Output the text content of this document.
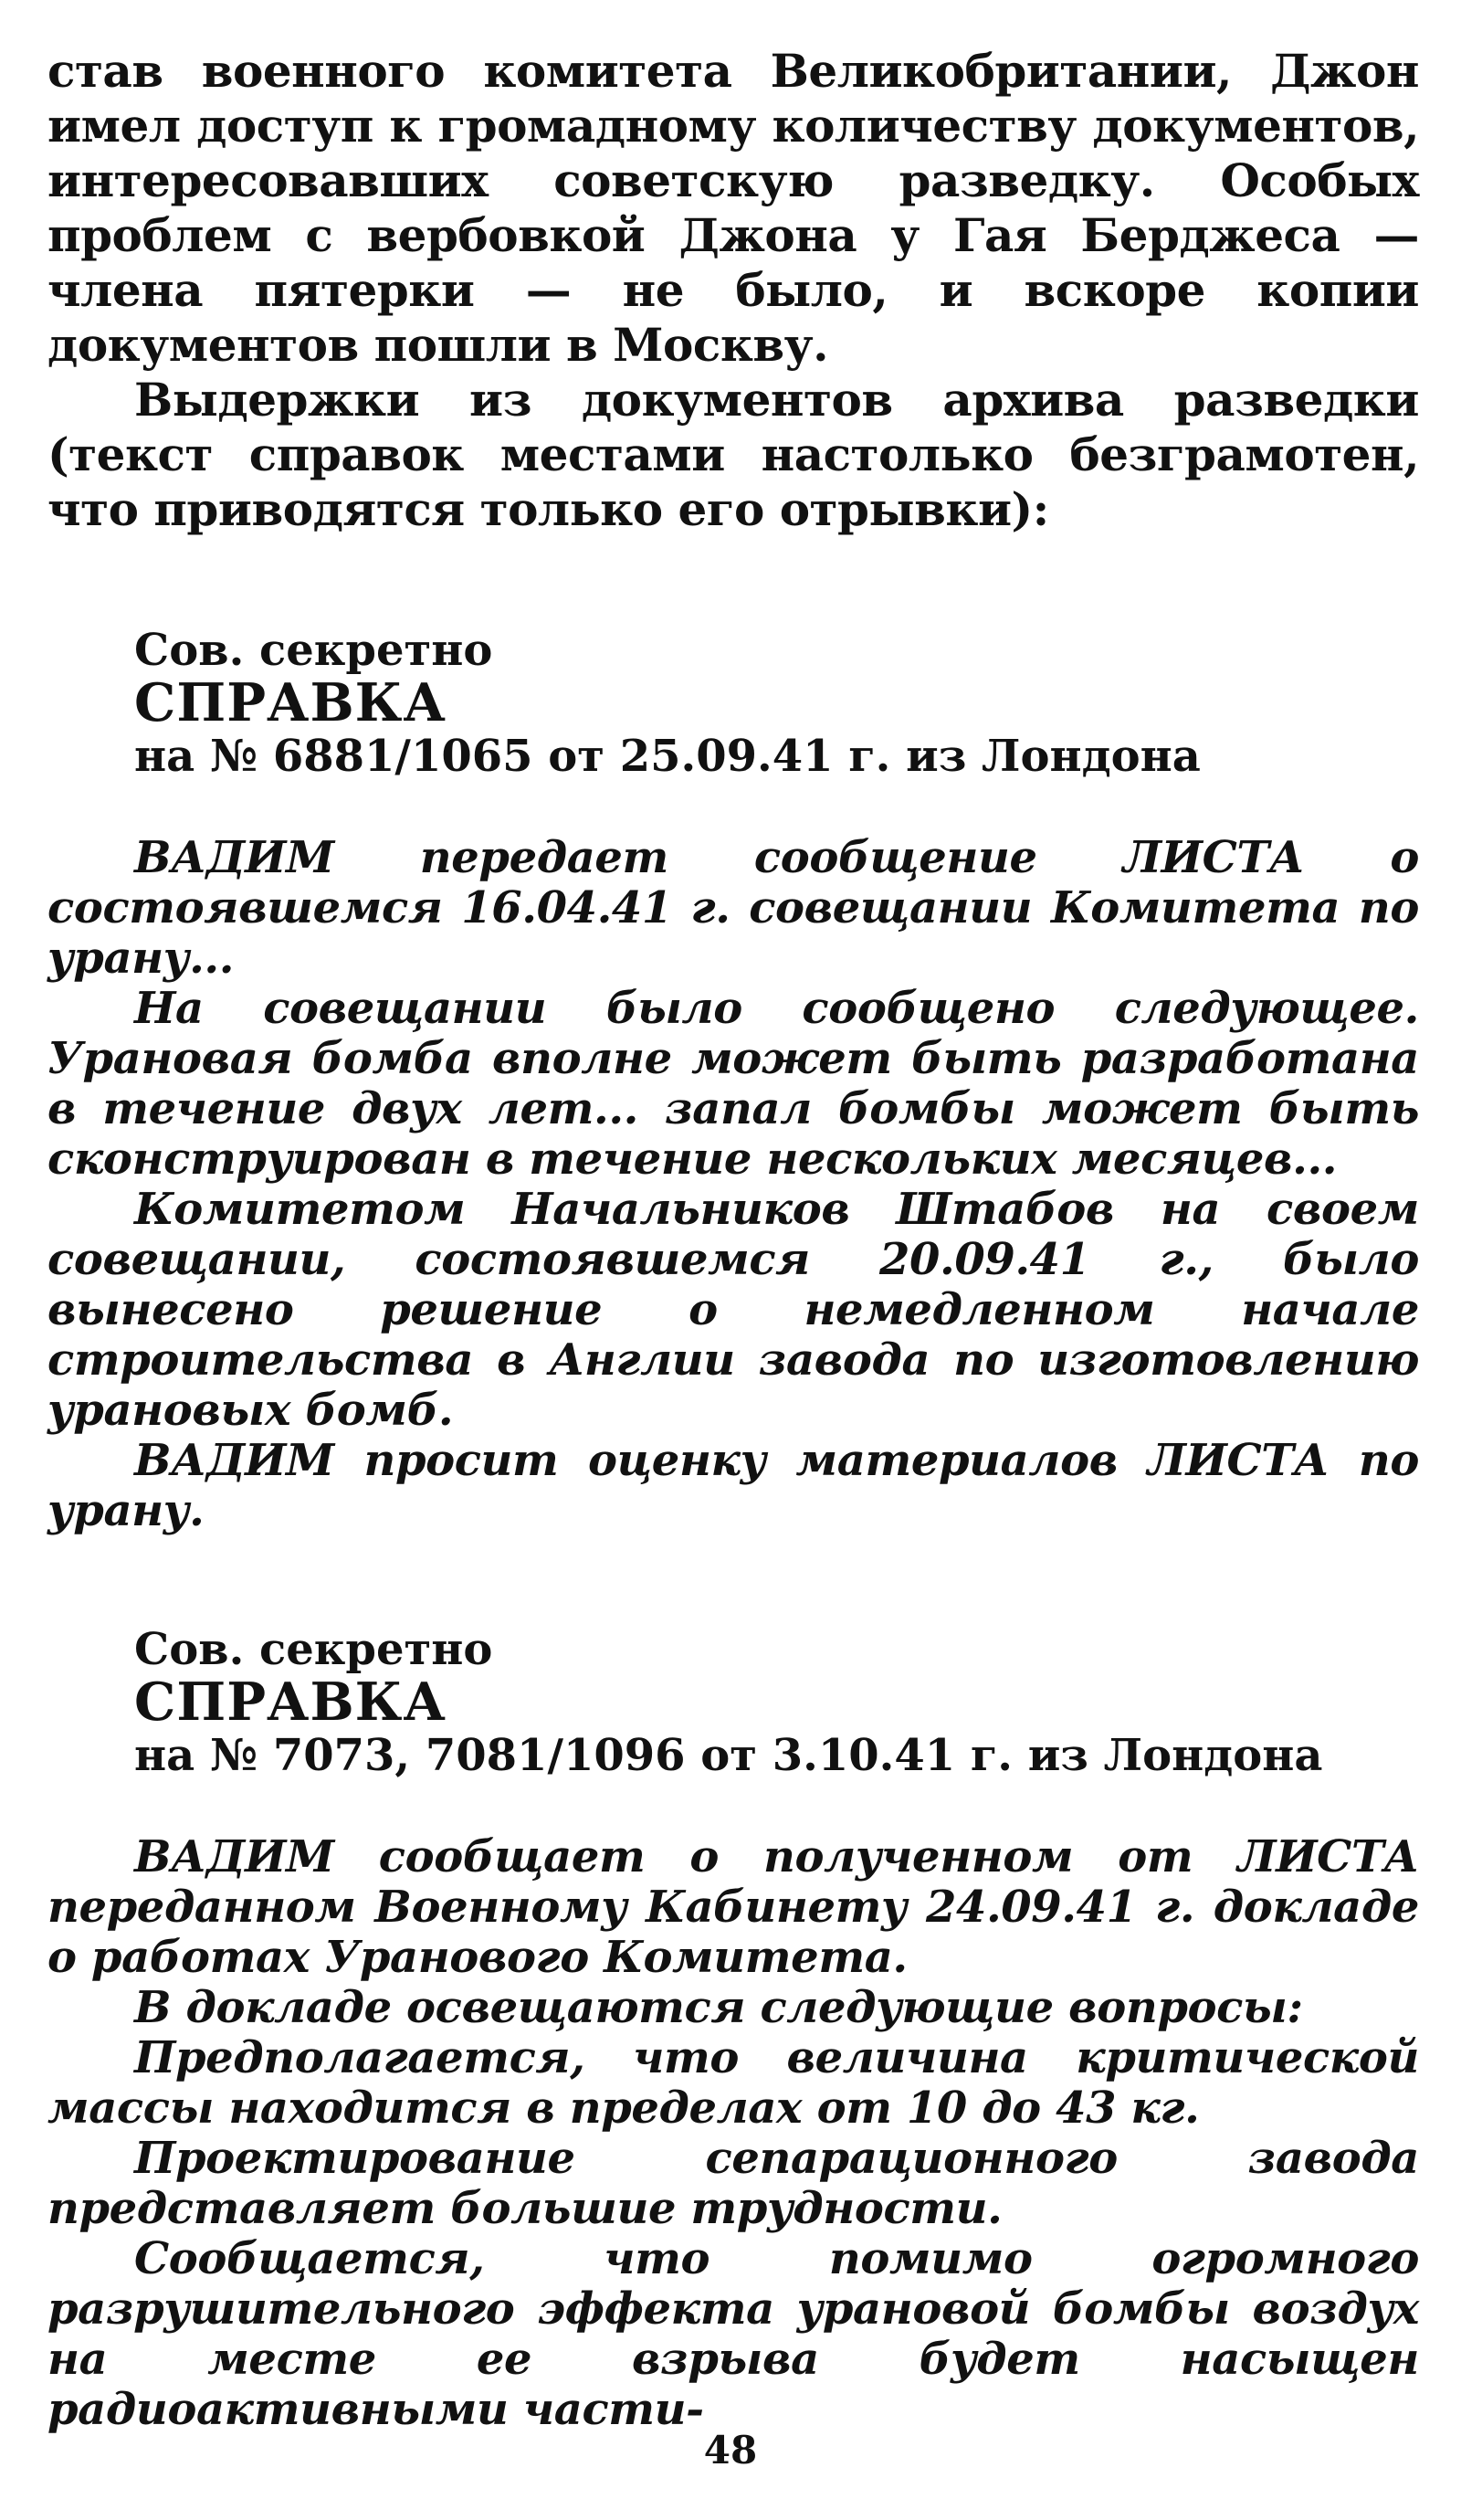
став военного комитета Великобритании, Джон имел доступ к громадному количеству документов, интересовавших советскую разведку. Особых проблем с вербовкой Джона у Гая Берджеса — члена пятерки — не было, и вскоре копии документов пошли в Москву.

Выдержки из документов архива разведки (текст справок местами настолько безграмотен, что приводятся только его отрывки):

Сов. секретно

СПРАВКА

на № 6881/1065 от 25.09.41 г. из Лондона

ВАДИМ передает сообщение ЛИСТА о состоявшемся 16.04.41 г. совещании Комитета по урану...

На совещании было сообщено следующее. Урановая бомба вполне может быть разработана в течение двух лет... запал бомбы может быть сконструирован в течение нескольких месяцев...

Комитетом Начальников Штабов на своем совещании, состоявшемся 20.09.41 г., было вынесено решение о немедленном начале строительства в Англии завода по изготовлению урановых бомб.

ВАДИМ просит оценку материалов ЛИСТА по урану.

Сов. секретно

СПРАВКА

на № 7073, 7081/1096 от 3.10.41 г. из Лондона

ВАДИМ сообщает о полученном от ЛИСТА переданном Военному Кабинету 24.09.41 г. докладе о работах Уранового Комитета.

В докладе освещаются следующие вопросы:

Предполагается, что величина критической массы находится в пределах от 10 до 43 кг.

Проектирование сепарационного завода представляет большие трудности.

Сообщается, что помимо огромного разрушительного эффекта урановой бомбы воздух на месте ее взрыва будет насыщен радиоактивными части-

48
